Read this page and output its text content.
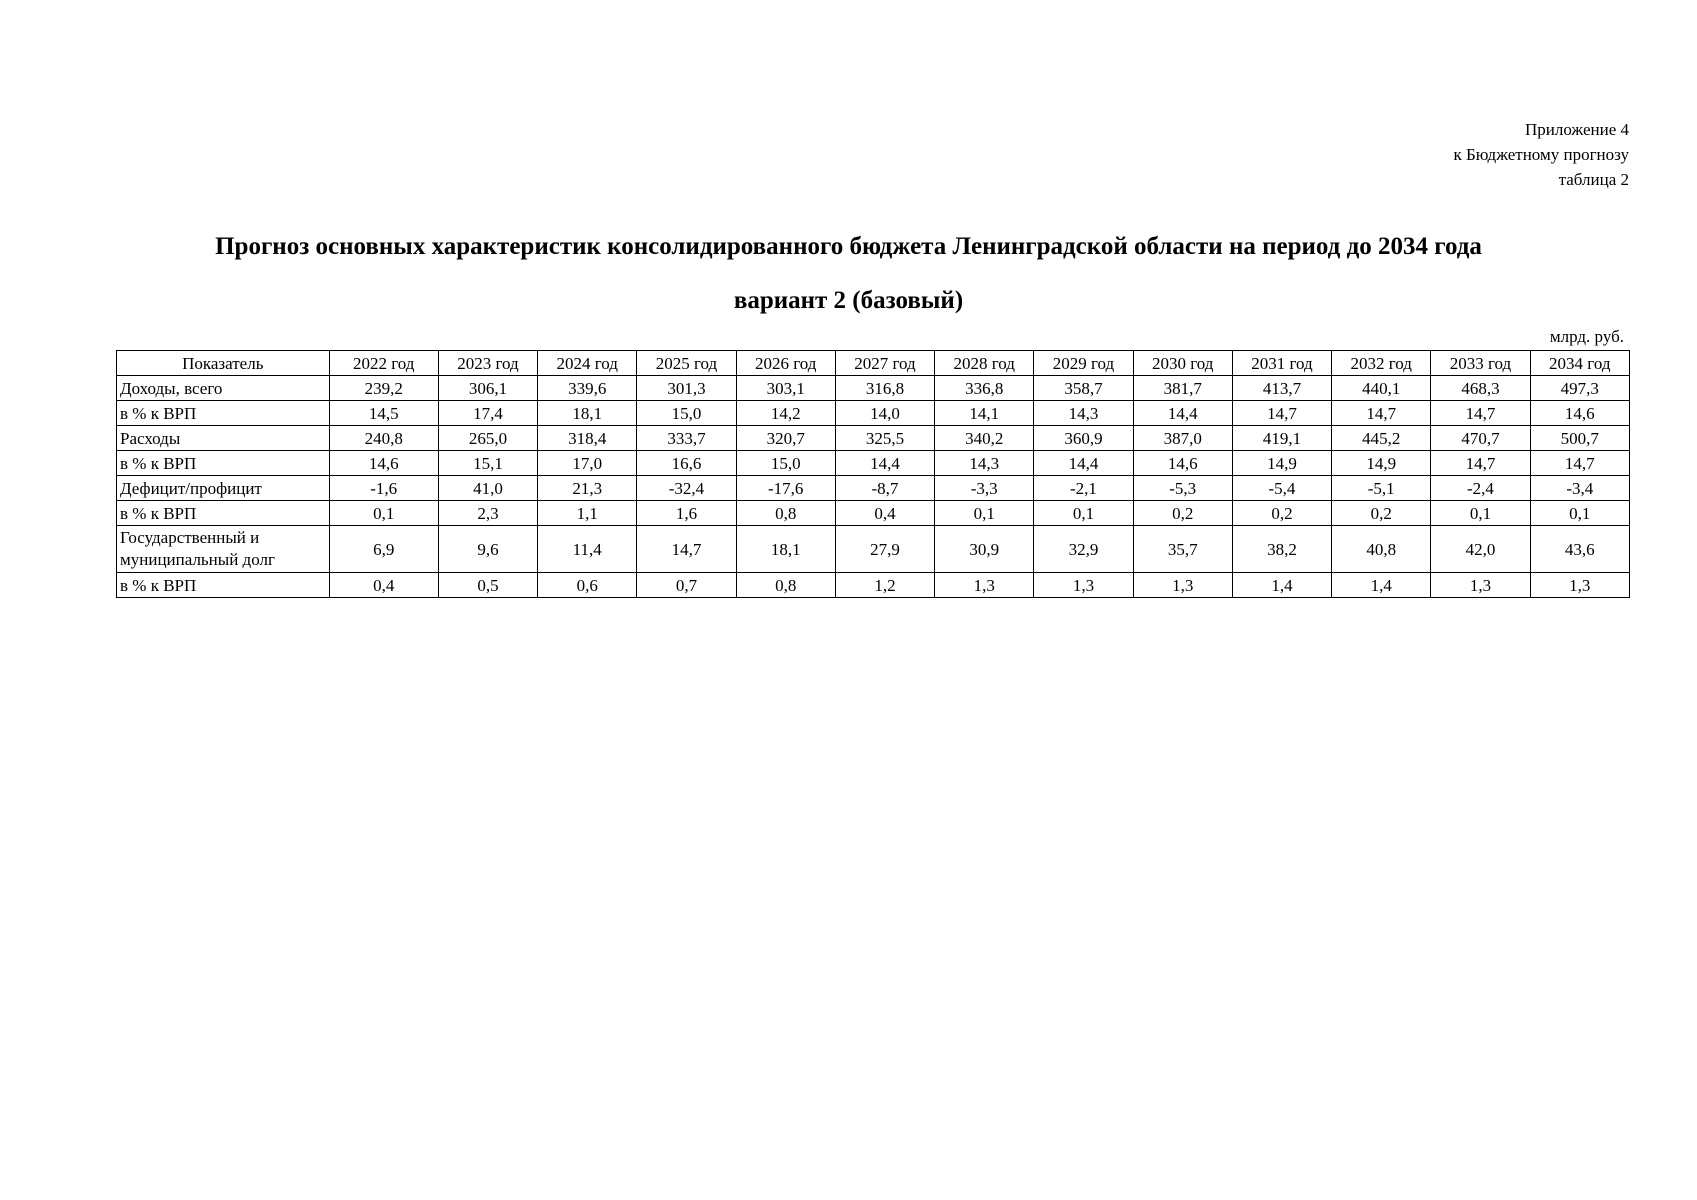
Приложение 4
к Бюджетному прогнозу
таблица 2
Прогноз основных характеристик консолидированного бюджета Ленинградской области на период до 2034 года
вариант 2 (базовый)
млрд. руб.
Показатель	2022 год	2023 год	2024 год	2025 год	2026 год	2027 год	2028 год	2029 год	2030 год	2031 год	2032 год	2033 год	2034 год
Доходы, всего	239,2	306,1	339,6	301,3	303,1	316,8	336,8	358,7	381,7	413,7	440,1	468,3	497,3
в % к ВРП	14,5	17,4	18,1	15,0	14,2	14,0	14,1	14,3	14,4	14,7	14,7	14,7	14,6
Расходы	240,8	265,0	318,4	333,7	320,7	325,5	340,2	360,9	387,0	419,1	445,2	470,7	500,7
в % к ВРП	14,6	15,1	17,0	16,6	15,0	14,4	14,3	14,4	14,6	14,9	14,9	14,7	14,7
Дефицит/профицит	-1,6	41,0	21,3	-32,4	-17,6	-8,7	-3,3	-2,1	-5,3	-5,4	-5,1	-2,4	-3,4
в % к ВРП	0,1	2,3	1,1	1,6	0,8	0,4	0,1	0,1	0,2	0,2	0,2	0,1	0,1
Государственный и муниципальный долг	6,9	9,6	11,4	14,7	18,1	27,9	30,9	32,9	35,7	38,2	40,8	42,0	43,6
в % к ВРП	0,4	0,5	0,6	0,7	0,8	1,2	1,3	1,3	1,3	1,4	1,4	1,3	1,3
